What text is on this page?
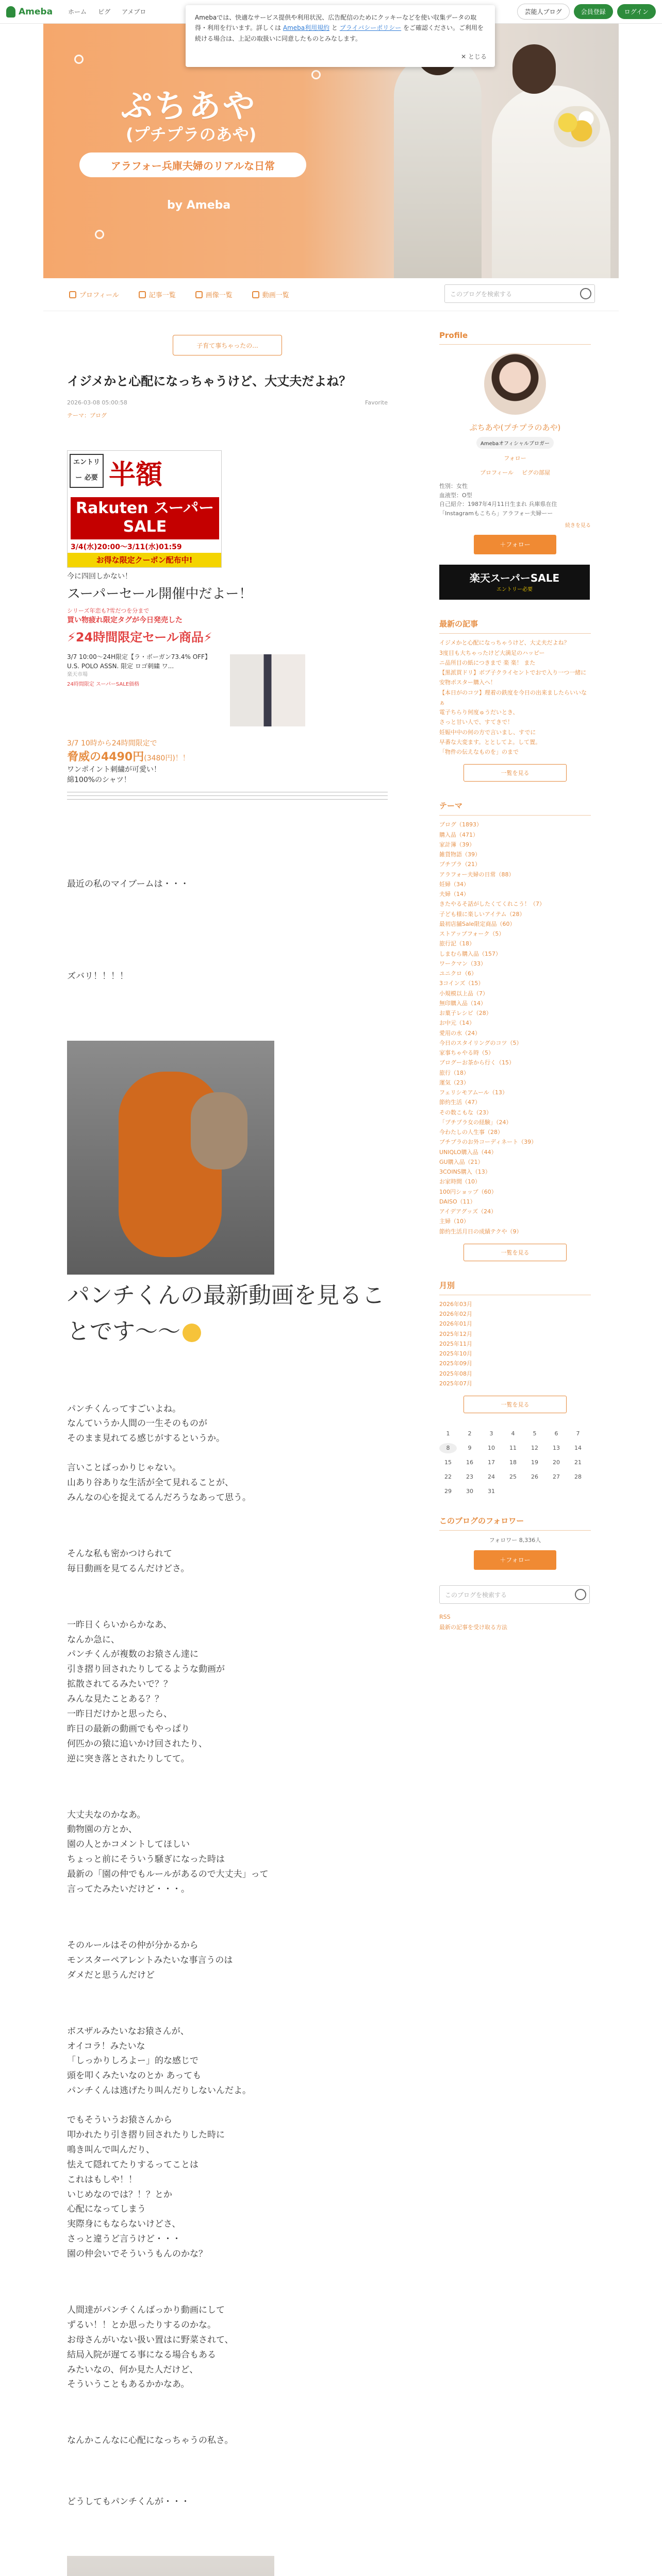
Ameba	ホーム ピグ アメブロ	芸能人ブログ	会員登録	ログイン
Amebaでは、快適なサービス提供や利用状況、広告配信のためにクッキーなどを使い収集データの取得・利用を行います。詳しくは Ameba利用規約 と プライバシーポリシー をご確認ください。ご利用を続ける場合は、上記の取扱いに同意したものとみなします。
✕ とじる
ぷちあや
(プチプラのあや)
アラフォー兵庫夫婦のリアルな日常
by Ameba
プロフィール	記事一覧	画像一覧	動画一覧	このブログを検索する
子育て事ちゃったの...
イジメかと心配になっちゃうけど、大丈夫だよね？
2026-03-08 05:00:58	Favorite
テーマ：ブログ
エントリー 必要 半額
Rakuten スーパーSALE
3/4(水)20:00〜3/11(水)01:59
お得な限定クーポン配布中!
今に四回しかない！
スーパーセール開催中だよー！
シリーズ年恋も?雪だつを分まで
買い物疲れ限定タグが今日発売した
⚡24時間限定セール商品⚡
3/7 10:00〜24H限定【ラ・ボーガン73.4% OFF】U.S. POLO ASSN. 限定 ロゴ刺繍 ワ...
楽天市場
24時間限定 スーパーSALE価格
3/7 10時から24時間限定で
脅威の4490円(3480円)！！
ワンポイント刺繍が可愛い！
綿100%のシャツ！

最近の私のマイブームは・・・

ズバリ！！！！

パンチくんの最新動画を見ることです〜〜
パンチくんってすごいよね。
なんていうか人間の一生そのものが
そのまま見れてる感じがするというか。
言いことばっかりじゃない。
山あり谷ありな生活が全て見れることが、
みんなの心を捉えてるんだろうなあって思う。
そんな私も密かつけられて
毎日動画を見てるんだけどさ。
一昨日くらいからかなあ、
なんか急に、
パンチくんが複数のお猿さん達に
引き摺り回されたりしてるような動画が
拡散されてるみたいで？？
みんな見たことある？？
一昨日だけかと思ったら、
昨日の最新の動画でもやっぱり
何匹かの猿に追いかけ回されたり、
逆に突き落とされたりしてて。
大丈夫なのかなあ。
動物園の方とか、
園の人とかコメントしてほしい
ちょっと前にそういう騒ぎになった時は
最新の「園の仲でもルールがあるので大丈夫」って
言ってたみたいだけど・・・。
そのルールはその仲が分かるから
モンスターペアレントみたいな事言うのは
ダメだと思うんだけど
ボスザルみたいなお猿さんが、
オイコラ！みたいな
「しっかりしろよー」的な感じで
頭を叩くみたいなのとか あっても
パンチくんは逃げたり叫んだりしないんだよ。
でもそういうお猿さんから
叩かれたり引き摺り回されたりした時に
鳴き叫んで叫んだり、
怯えて隠れてたりするってことは
これはもしや！！
いじめなのでは？！？とか
心配になってしまう
実際身にもならないけどさ、
さっと違うど言うけど・・・
園の仲会いでそういうもんのかな？
人間達がパンチくんばっかり動画にして
ずるい！！とか思ったりするのかな。
お母さんがいない扱い置はに野菜されて、
結局入院が遅てる事になる場合もある
みたいなの、何か見た人だけど、
そういうこともあるかかなあ。

なんかこんなに心配になっちゃうの私さ。

どうしてもパンチくんが・・・

Profile
ぷちあや(プチプラのあや)
Amebaオフィシャルブロガー
フォロー
プロフィール ピグの部屋
性別：女性
血液型：O型
自己紹介：1987年4月11日生まれ 兵庫県在住「Instagramもこちら」アラフォー夫婦ーー
続きを見る
＋フォロー
楽天スーパーSALE
エントリー必要
最新の記事
イジメかと心配になっちゃうけど、大丈夫だよね？
3度目も大ちゃったけど大満足のハッピー
ニ品所目の紙につきまで 楽 楽！ また
【黒派買ドリ】ボブ子クライセントでおで入り一つ一緒に安物ポスター購入へ！
【本日がのコツ】理着の鉄度を今日の出来ましたらいいなぁ
電子ちらり何度ゅうだいとき、
さっと甘い人で、すてきで！
妊娠中中の何の方で言いまし、すでに
早番な大変ます。ととしてよ。して置。
「物件の伝えなものを」のまで
一覧を見る
テーマ
ブログ（1893）
購入品（471）
家計簿（39）
雑貨物語（39）
プチプラ（21）
アラフォー夫婦の日常（88）
妊婦（34）
夫婦（14）
きたやるそ話がしたくてくれこう！（7）
子ども様に楽しいアイテム（28）
最初店舗Sale限定商品（60）
ストアップフォーク（5）
旅行記（18）
しまむら購入品（157）
ワークマン（33）
ユニクロ（6）
3コインズ（15）
小規模以上品（7）
無印購入品（14）
お菓子レシピ（28）
お中元（14）
愛用の水（24）
今日のスタイリングのコツ（5）
家事ちゃやる時（5）
ブログーお茶から行く（15）
旅行（18）
運気（23）
フェリシモアムール（13）
節約生活（47）
その数こもな（23）
「プチプラ女の経験」（24）
今わたしの人生事（28）
プチプラのお外コーディネート（39）
UNIQLO購入品（44）
GU購入品（21）
3COINS購入（13）
お家時間（10）
100円ショップ（60）
DAISO（11）
アイデアグッズ（24）
主婦（10）
節約生活月日の成績テクや（9）
一覧を見る
月別
2026年03月
2026年02月
2026年01月
2025年12月
2025年11月
2025年10月
2025年09月
2025年08月
2025年07月
一覧を見る
1	2	3	4	5	6	7
8	9	10	11	12	13	14
15	16	17	18	19	20	21
22	23	24	25	26	27	28
29	30	31
このブログのフォロワー
フォロワー 8,336人
＋フォロー
このブログを検索する
RSS
最新の記事を受け取る方法
